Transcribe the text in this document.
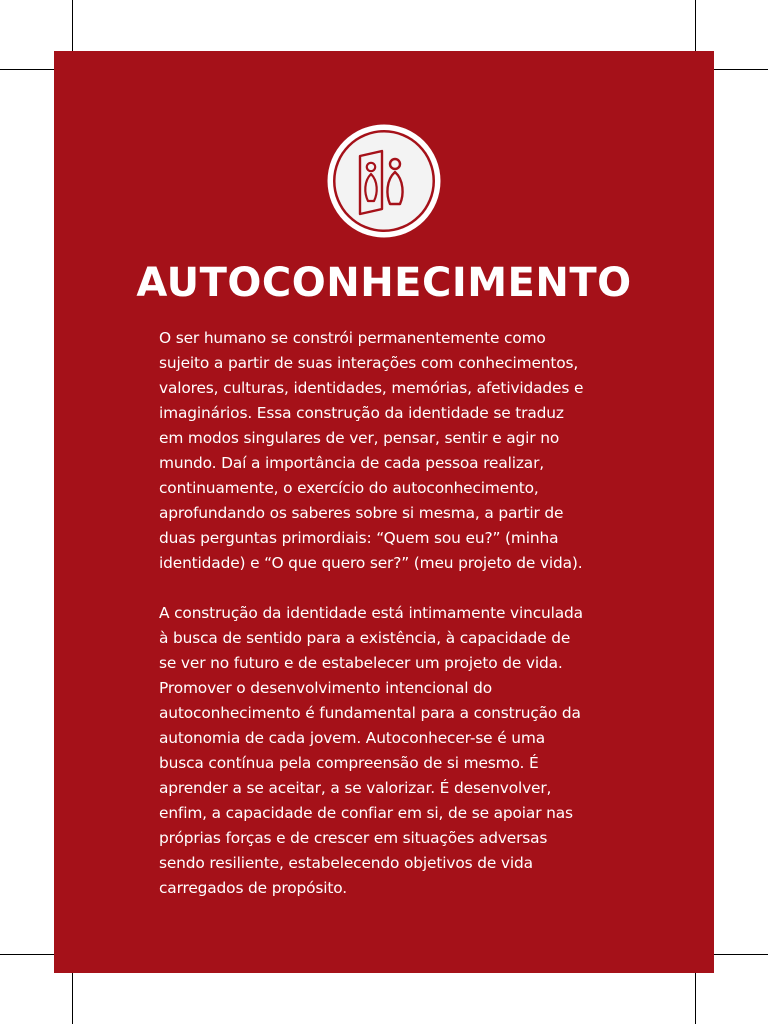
AUTOCONHECIMENTO
O ser humano se constrói permanentemente como
sujeito a partir de suas interações com conhecimentos,
valores, culturas, identidades, memórias, afetividades e
imaginários. Essa construção da identidade se traduz
em modos singulares de ver, pensar, sentir e agir no
mundo. Daí a importância de cada pessoa realizar,
continuamente, o exercício do autoconhecimento,
aprofundando os saberes sobre si mesma, a partir de
duas perguntas primordiais: “Quem sou eu?” (minha
identidade) e “O que quero ser?” (meu projeto de vida).
A construção da identidade está intimamente vinculada
à busca de sentido para a existência, à capacidade de
se ver no futuro e de estabelecer um projeto de vida.
Promover o desenvolvimento intencional do
autoconhecimento é fundamental para a construção da
autonomia de cada jovem. Autoconhecer-se é uma
busca contínua pela compreensão de si mesmo. É
aprender a se aceitar, a se valorizar. É desenvolver,
enfim, a capacidade de confiar em si, de se apoiar nas
próprias forças e de crescer em situações adversas
sendo resiliente, estabelecendo objetivos de vida
carregados de propósito.
